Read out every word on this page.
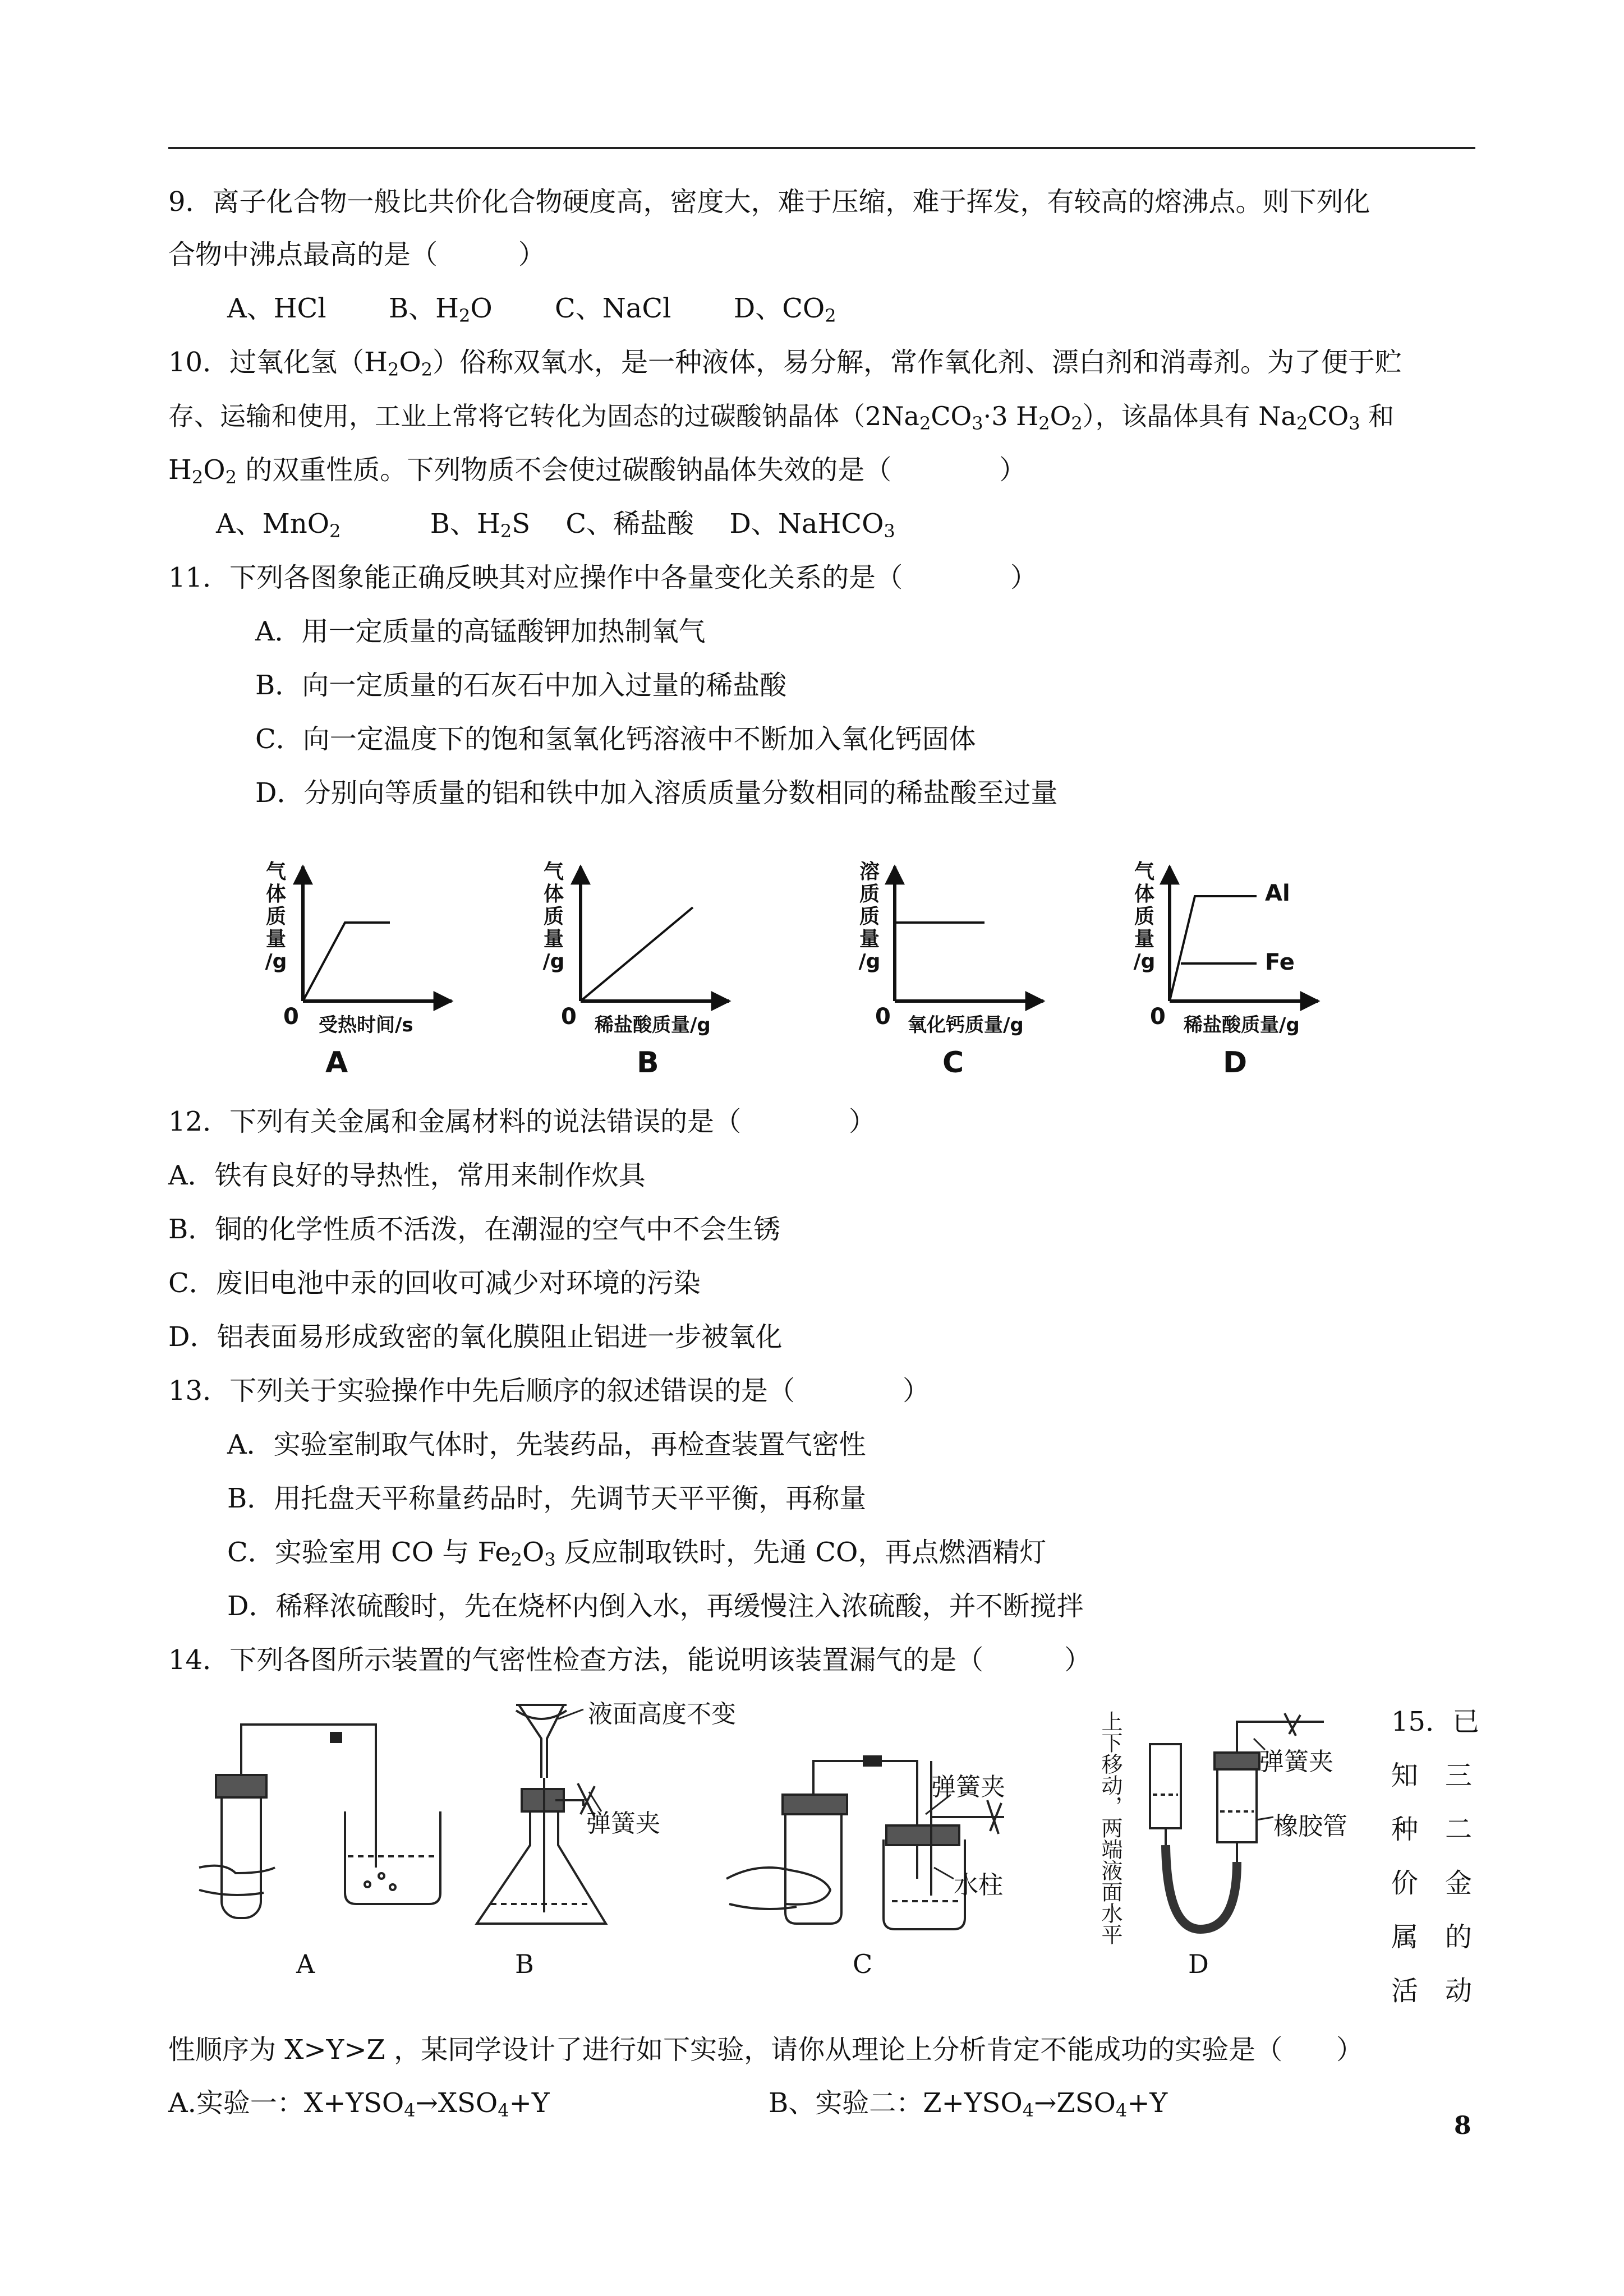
9．离子化合物一般比共价化合物硬度高，密度大，难于压缩，难于挥发，有较高的熔沸点。则下列化
合物中沸点最高的是（　　　）
A、HCl　　 B、$H_2O$　　 C、NaCl　　 D、$CO_2$
10．过氧化氢$(H_2O_2)$俗称双氧水，是一种液体，易分解，常作氧化剂、漂白剂和消毒剂。为了便于贮
存、运输和使用，工业上常将它转化为固态的过碳酸钠晶体（$2Na_2CO_3\cdot 3$ $H_2O_2$），该晶体具有 $Na_2CO_3$ 和
$H_2O_2$ 的双重性质。下列物质不会使过碳酸钠晶体失效的是（　　　　）
A、MnO$_2$　　　	B、$H_2S$　 C、稀盐酸　 D、NaHCO$_3$
11．下列各图象能正确反映其对应操作中各量变化关系的是（　　　　）
A．用一定质量的高锰酸钾加热制氧气
B．向一定质量的石灰石中加入过量的稀盐酸
C．向一定温度下的饱和氢氧化钙溶液中不断加入氧化钙固体
D．分别向等质量的铝和铁中加入溶质质量分数相同的稀盐酸至过量
气
体
质
量
/g
0 受热时间/s
A
气
体
质
量
/g
0 稀盐酸质量/g
B
溶
质
质
量
/g
0 氧化钙质量/g
C
气
体
质
量
/g
0 稀盐酸质量/g
Al
Fe
D
12．下列有关金属和金属材料的说法错误的是（　　　　）
A．铁有良好的导热性，常用来制作炊具
B．铜的化学性质不活泼，在潮湿的空气中不会生锈
C．废旧电池中汞的回收可减少对环境的污染
D．铝表面易形成致密的氧化膜阻止铝进一步被氧化
13．下列关于实验操作中先后顺序的叙述错误的是（　　　　）
A．实验室制取气体时，先装药品，再检查装置气密性
B．用托盘天平称量药品时，先调节天平平衡，再称量
C．实验室用 CO 与 $Fe_2O_3$ 反应制取铁时，先通 CO，再点燃酒精灯
D．稀释浓硫酸时，先在烧杯内倒入水，再缓慢注入浓硫酸，并不断搅拌
14．下列各图所示装置的气密性检查方法，能说明该装置漏气的是（　　　）
A	B
液面高度不变
弹簧夹
C
弹簧夹
水柱
D
弹簧夹
橡胶管
上下移动，两端液面水平	15．已
知　三
种　二
价　金
属　的
活　动
性顺序为 X>Y>Z ，某同学设计了进行如下实验，请你从理论上分析肯定不能成功的实验是（　　）
A.实验一：$X+YSO_4\to XSO_4+Y$	B、实验二：$Z+YSO_4\to ZSO_4+Y$
8
